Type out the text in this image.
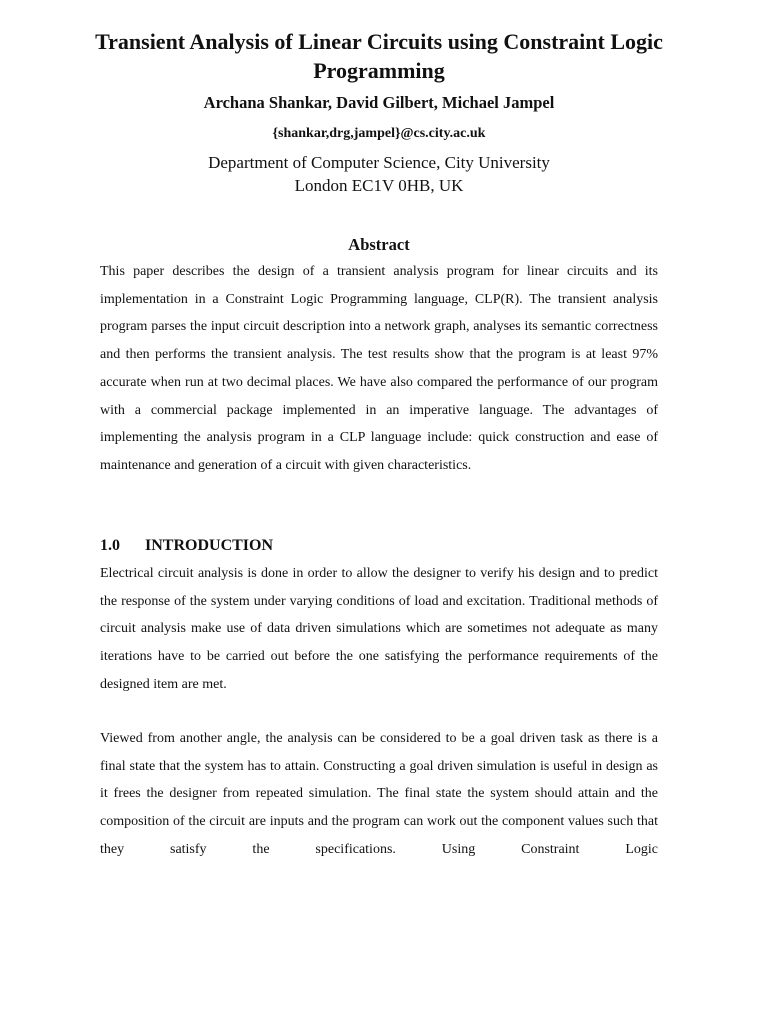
Transient Analysis of Linear Circuits using Constraint Logic Programming

Archana Shankar, David Gilbert, Michael Jampel

{shankar,drg,jampel}@cs.city.ac.uk

Department of Computer Science, City University
London EC1V 0HB, UK
Abstract

This paper describes the design of a transient analysis program for linear circuits and its implementation in a Constraint Logic Programming language, CLP(R). The transient analysis program parses the input circuit description into a network graph, analyses its semantic correctness and then performs the transient analysis. The test results show that the program is at least 97% accurate when run at two decimal places. We have also compared the performance of our program with a commercial package implemented in an imperative language. The advantages of implementing the analysis program in a CLP language include: quick construction and ease of maintenance and generation of a circuit with given characteristics.

1.0 INTRODUCTION

Electrical circuit analysis is done in order to allow the designer to verify his design and to predict the response of the system under varying conditions of load and excitation. Traditional methods of circuit analysis make use of data driven simulations which are sometimes not adequate as many iterations have to be carried out before the one satisfying the performance requirements of the designed item are met.

Viewed from another angle, the analysis can be considered to be a goal driven task as there is a final state that the system has to attain. Constructing a goal driven simulation is useful in design as it frees the designer from repeated simulation. The final state the system should attain and the composition of the circuit are inputs and the program can work out the component values such that they satisfy the specifications. Using Constraint Logic
